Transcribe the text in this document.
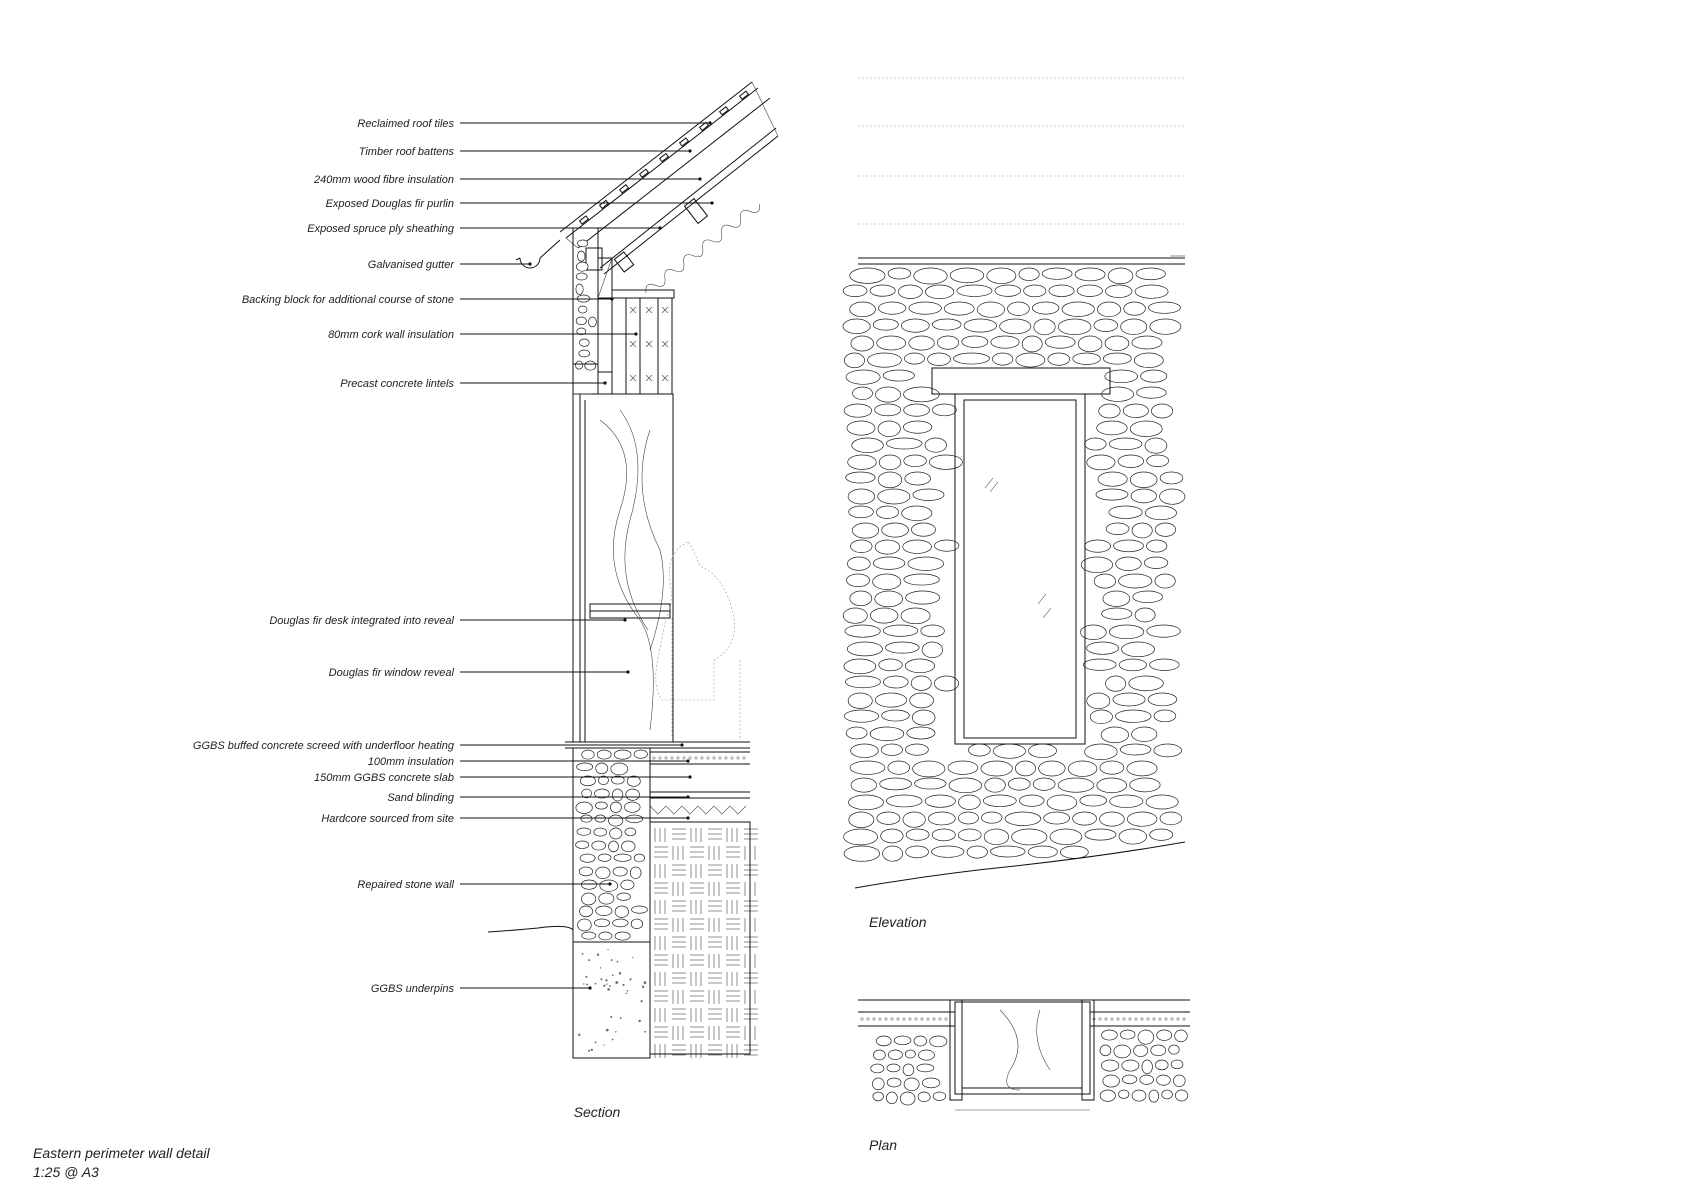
Reclaimed roof tiles
Timber roof battens
240mm wood fibre insulation
Exposed Douglas fir purlin
Exposed spruce ply sheathing
Galvanised gutter
Backing block for additional course of stone
80mm cork wall insulation
Precast concrete lintels
Douglas fir desk integrated into reveal
Douglas fir window reveal
GGBS buffed concrete screed with underfloor heating
100mm insulation
150mm GGBS concrete slab
Sand blinding
Hardcore sourced from site
Repaired stone wall
GGBS underpins
Section
Elevation
Plan
Eastern perimeter wall detail
1:25 @ A3
